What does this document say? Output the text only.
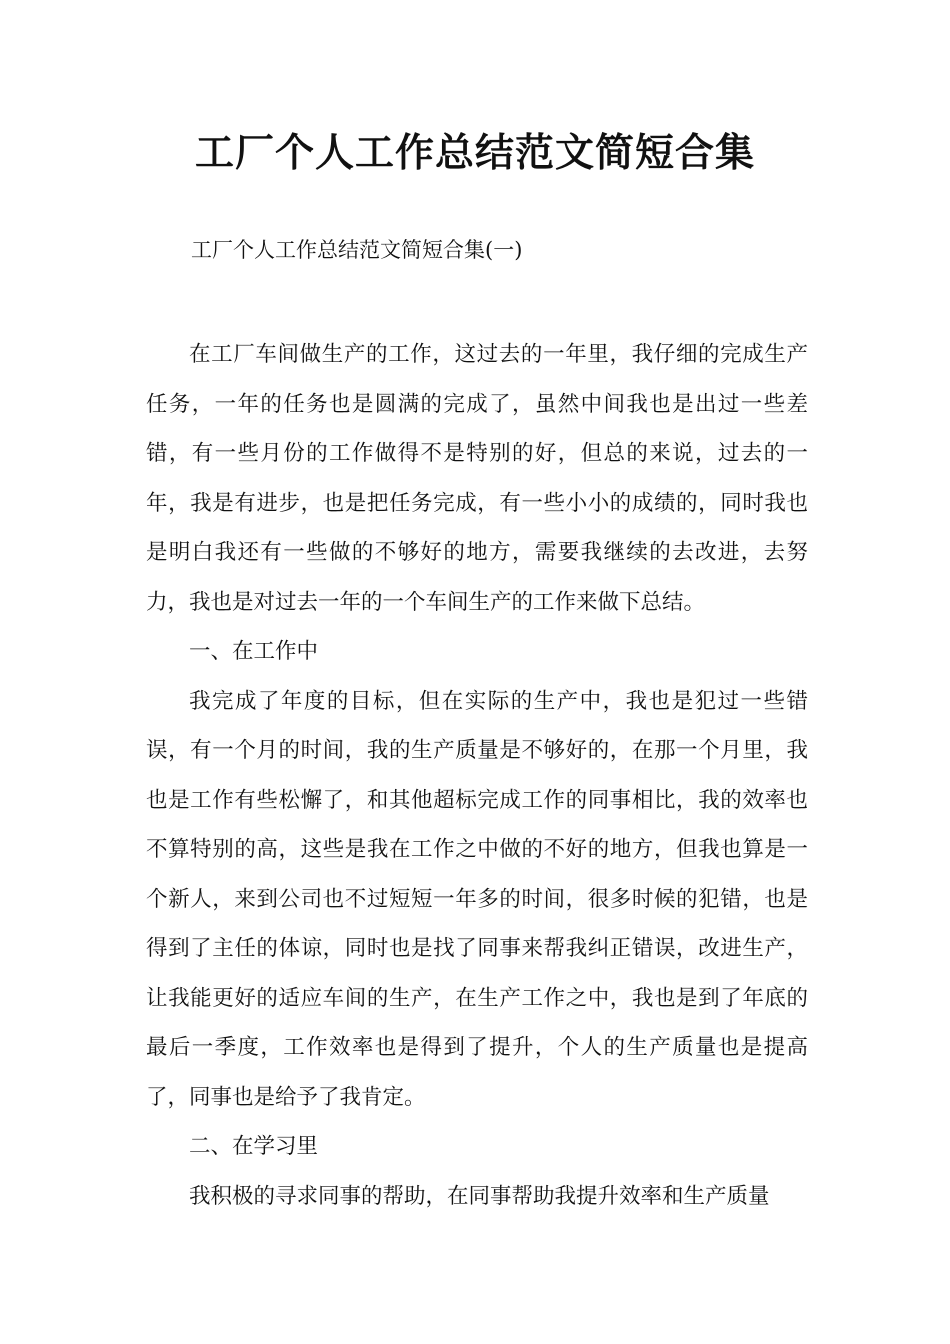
工厂个人工作总结范文简短合集

工厂个人工作总结范文简短合集(一)

在工厂车间做生产的工作，这过去的一年里，我仔细的完成生产任务，一年的任务也是圆满的完成了，虽然中间我也是出过一些差错，有一些月份的工作做得不是特别的好，但总的来说，过去的一年，我是有进步，也是把任务完成，有一些小小的成绩的，同时我也是明白我还有一些做的不够好的地方，需要我继续的去改进，去努力，我也是对过去一年的一个车间生产的工作来做下总结。

一、在工作中

我完成了年度的目标，但在实际的生产中，我也是犯过一些错误，有一个月的时间，我的生产质量是不够好的，在那一个月里，我也是工作有些松懈了，和其他超标完成工作的同事相比，我的效率也不算特别的高，这些是我在工作之中做的不好的地方，但我也算是一个新人，来到公司也不过短短一年多的时间，很多时候的犯错，也是得到了主任的体谅，同时也是找了同事来帮我纠正错误，改进生产，让我能更好的适应车间的生产，在生产工作之中，我也是到了年底的最后一季度，工作效率也是得到了提升，个人的生产质量也是提高了，同事也是给予了我肯定。

二、在学习里

我积极的寻求同事的帮助，在同事帮助我提升效率和生产质量
